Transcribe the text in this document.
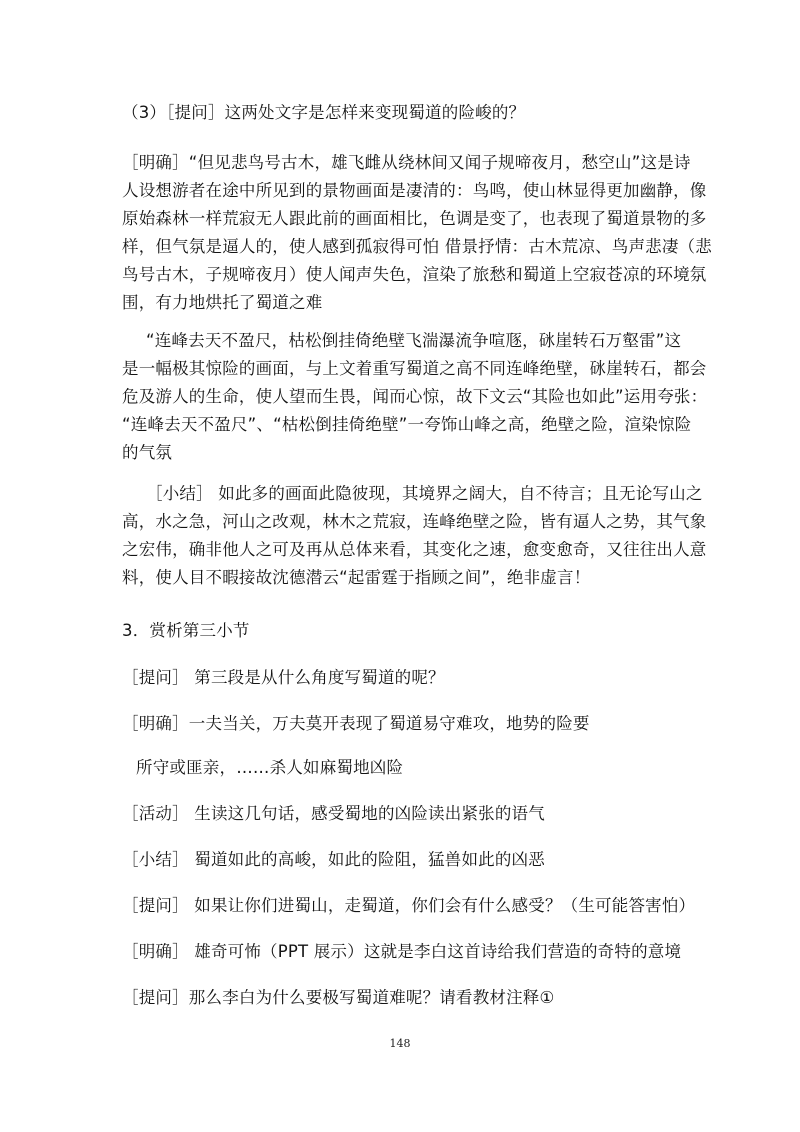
（3）［提问］这两处文字是怎样来变现蜀道的险峻的？
［明确］“但见悲鸟号古木，雄飞雌从绕林间又闻子规啼夜月，愁空山”这是诗
人设想游者在途中所见到的景物画面是凄清的：鸟鸣，使山林显得更加幽静，像
原始森林一样荒寂无人跟此前的画面相比，色调是变了，也表现了蜀道景物的多
样，但气氛是逼人的，使人感到孤寂得可怕 借景抒情：古木荒凉、鸟声悲凄（悲
鸟号古木，子规啼夜月）使人闻声失色，渲染了旅愁和蜀道上空寂苍凉的环境氛
围，有力地烘托了蜀道之难
“连峰去天不盈尺，枯松倒挂倚绝壁飞湍瀑流争喧豗，砯崖转石万壑雷”这
是一幅极其惊险的画面，与上文着重写蜀道之高不同连峰绝壁，砯崖转石，都会
危及游人的生命，使人望而生畏，闻而心惊，故下文云“其险也如此”运用夸张：
“连峰去天不盈尺”、“枯松倒挂倚绝壁”一夸饰山峰之高，绝壁之险，渲染惊险
的气氛
［小结］ 如此多的画面此隐彼现，其境界之阔大，自不待言；且无论写山之
高，水之急，河山之改观，林木之荒寂，连峰绝壁之险，皆有逼人之势，其气象
之宏伟，确非他人之可及再从总体来看，其变化之速，愈变愈奇，又往往出人意
料，使人目不暇接故沈德潜云“起雷霆于指顾之间”，绝非虚言！
3．赏析第三小节
［提问］ 第三段是从什么角度写蜀道的呢？
［明确］一夫当关，万夫莫开表现了蜀道易守难攻，地势的险要
所守或匪亲，……杀人如麻蜀地凶险
［活动］ 生读这几句话，感受蜀地的凶险读出紧张的语气
［小结］ 蜀道如此的高峻，如此的险阻，猛兽如此的凶恶
［提问］ 如果让你们进蜀山，走蜀道，你们会有什么感受？（生可能答害怕）
［明确］ 雄奇可怖（PPT 展示）这就是李白这首诗给我们营造的奇特的意境
［提问］那么李白为什么要极写蜀道难呢？请看教材注释①
148
